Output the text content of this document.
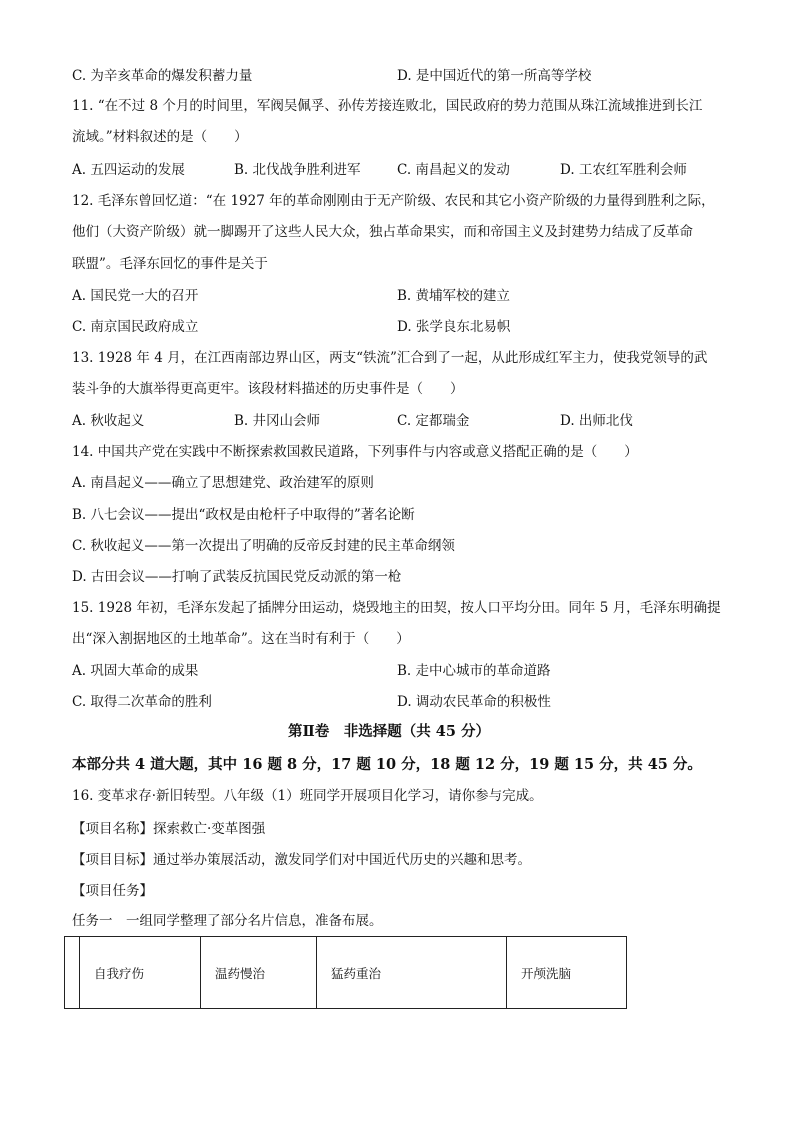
C. 为辛亥革命的爆发积蓄力量	D. 是中国近代的第一所高等学校
11. “在不过 8 个月的时间里，军阀吴佩孚、孙传芳接连败北，国民政府的势力范围从珠江流域推进到长江
流域。”材料叙述的是（　　）
A. 五四运动的发展	B. 北伐战争胜利进军	C. 南昌起义的发动	D. 工农红军胜利会师
12. 毛泽东曾回忆道：“在 1927 年的革命刚刚由于无产阶级、农民和其它小资产阶级的力量得到胜利之际，
他们（大资产阶级）就一脚踢开了这些人民大众，独占革命果实，而和帝国主义及封建势力结成了反革命
联盟”。毛泽东回忆的事件是关于
A. 国民党一大的召开	B. 黄埔军校的建立
C. 南京国民政府成立	D. 张学良东北易帜
13. 1928 年 4 月，在江西南部边界山区，两支“铁流”汇合到了一起，从此形成红军主力，使我党领导的武
装斗争的大旗举得更高更牢。该段材料描述的历史事件是（　　）
A. 秋收起义	B. 井冈山会师	C. 定都瑞金	D. 出师北伐
14. 中国共产党在实践中不断探索救国救民道路，下列事件与内容或意义搭配正确的是（　　）
A. 南昌起义——确立了思想建党、政治建军的原则
B. 八七会议——提出“政权是由枪杆子中取得的”著名论断
C. 秋收起义——第一次提出了明确的反帝反封建的民主革命纲领
D. 古田会议——打响了武装反抗国民党反动派的第一枪
15. 1928 年初，毛泽东发起了插牌分田运动，烧毁地主的田契，按人口平均分田。同年 5 月，毛泽东明确提
出“深入割据地区的土地革命”。这在当时有利于（　　）
A. 巩固大革命的成果	B. 走中心城市的革命道路
C. 取得二次革命的胜利	D. 调动农民革命的积极性
第Ⅱ卷　非选择题（共 45 分）
本部分共 4 道大题，其中 16 题 8 分，17 题 10 分，18 题 12 分，19 题 15 分，共 45 分。
16. 变革求存·新旧转型。八年级（1）班同学开展项目化学习，请你参与完成。
【项目名称】探索救亡·变革图强
【项目目标】通过举办策展活动，激发同学们对中国近代历史的兴趣和思考。
【项目任务】
任务一　一组同学整理了部分名片信息，准备布展。
	自我疗伤	温药慢治	猛药重治	开颅洗脑
